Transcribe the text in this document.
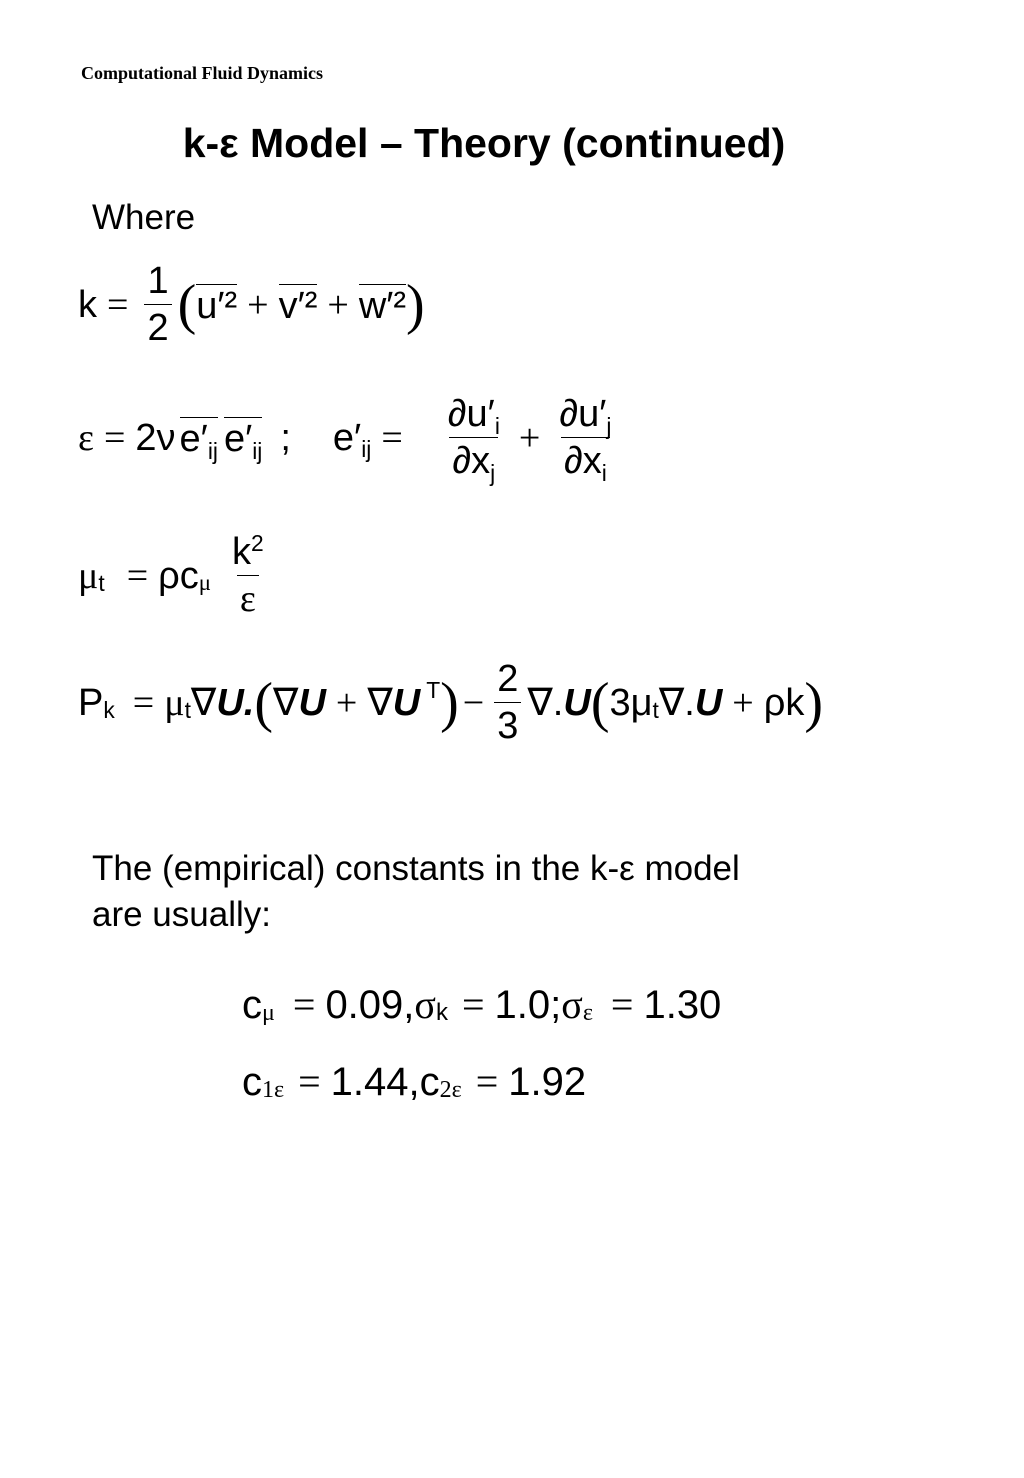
Computational Fluid Dynamics
k-ε Model – Theory (continued)
Where
$k = \frac{1}{2}$ ( u′² + v′² + w′² )
ε = 2ν $e'_{ij}$ $e'_{ij}$ ; $e'_{ij} = \frac{\partial u'_i}{\partial x_j} + \frac{\partial u'_j}{\partial x_i}$
$\mu_t = \rho c_\mu \frac{k^2}{\varepsilon}$
$P_k = \mu_t$ ∇ U . ( ∇ U + ∇ U $^T$ ) − $\frac{2}{3}$ ∇ . U ( $3\mu_t$ ∇ . U + ρk )
The (empirical) constants in the k-ε model
are usually:
$c_\mu = 0.09$, $\sigma_k = 1.0$; $\sigma_\varepsilon = 1.30$
$c_{1\varepsilon} = 1.44$, $c_{2\varepsilon} = 1.92$
